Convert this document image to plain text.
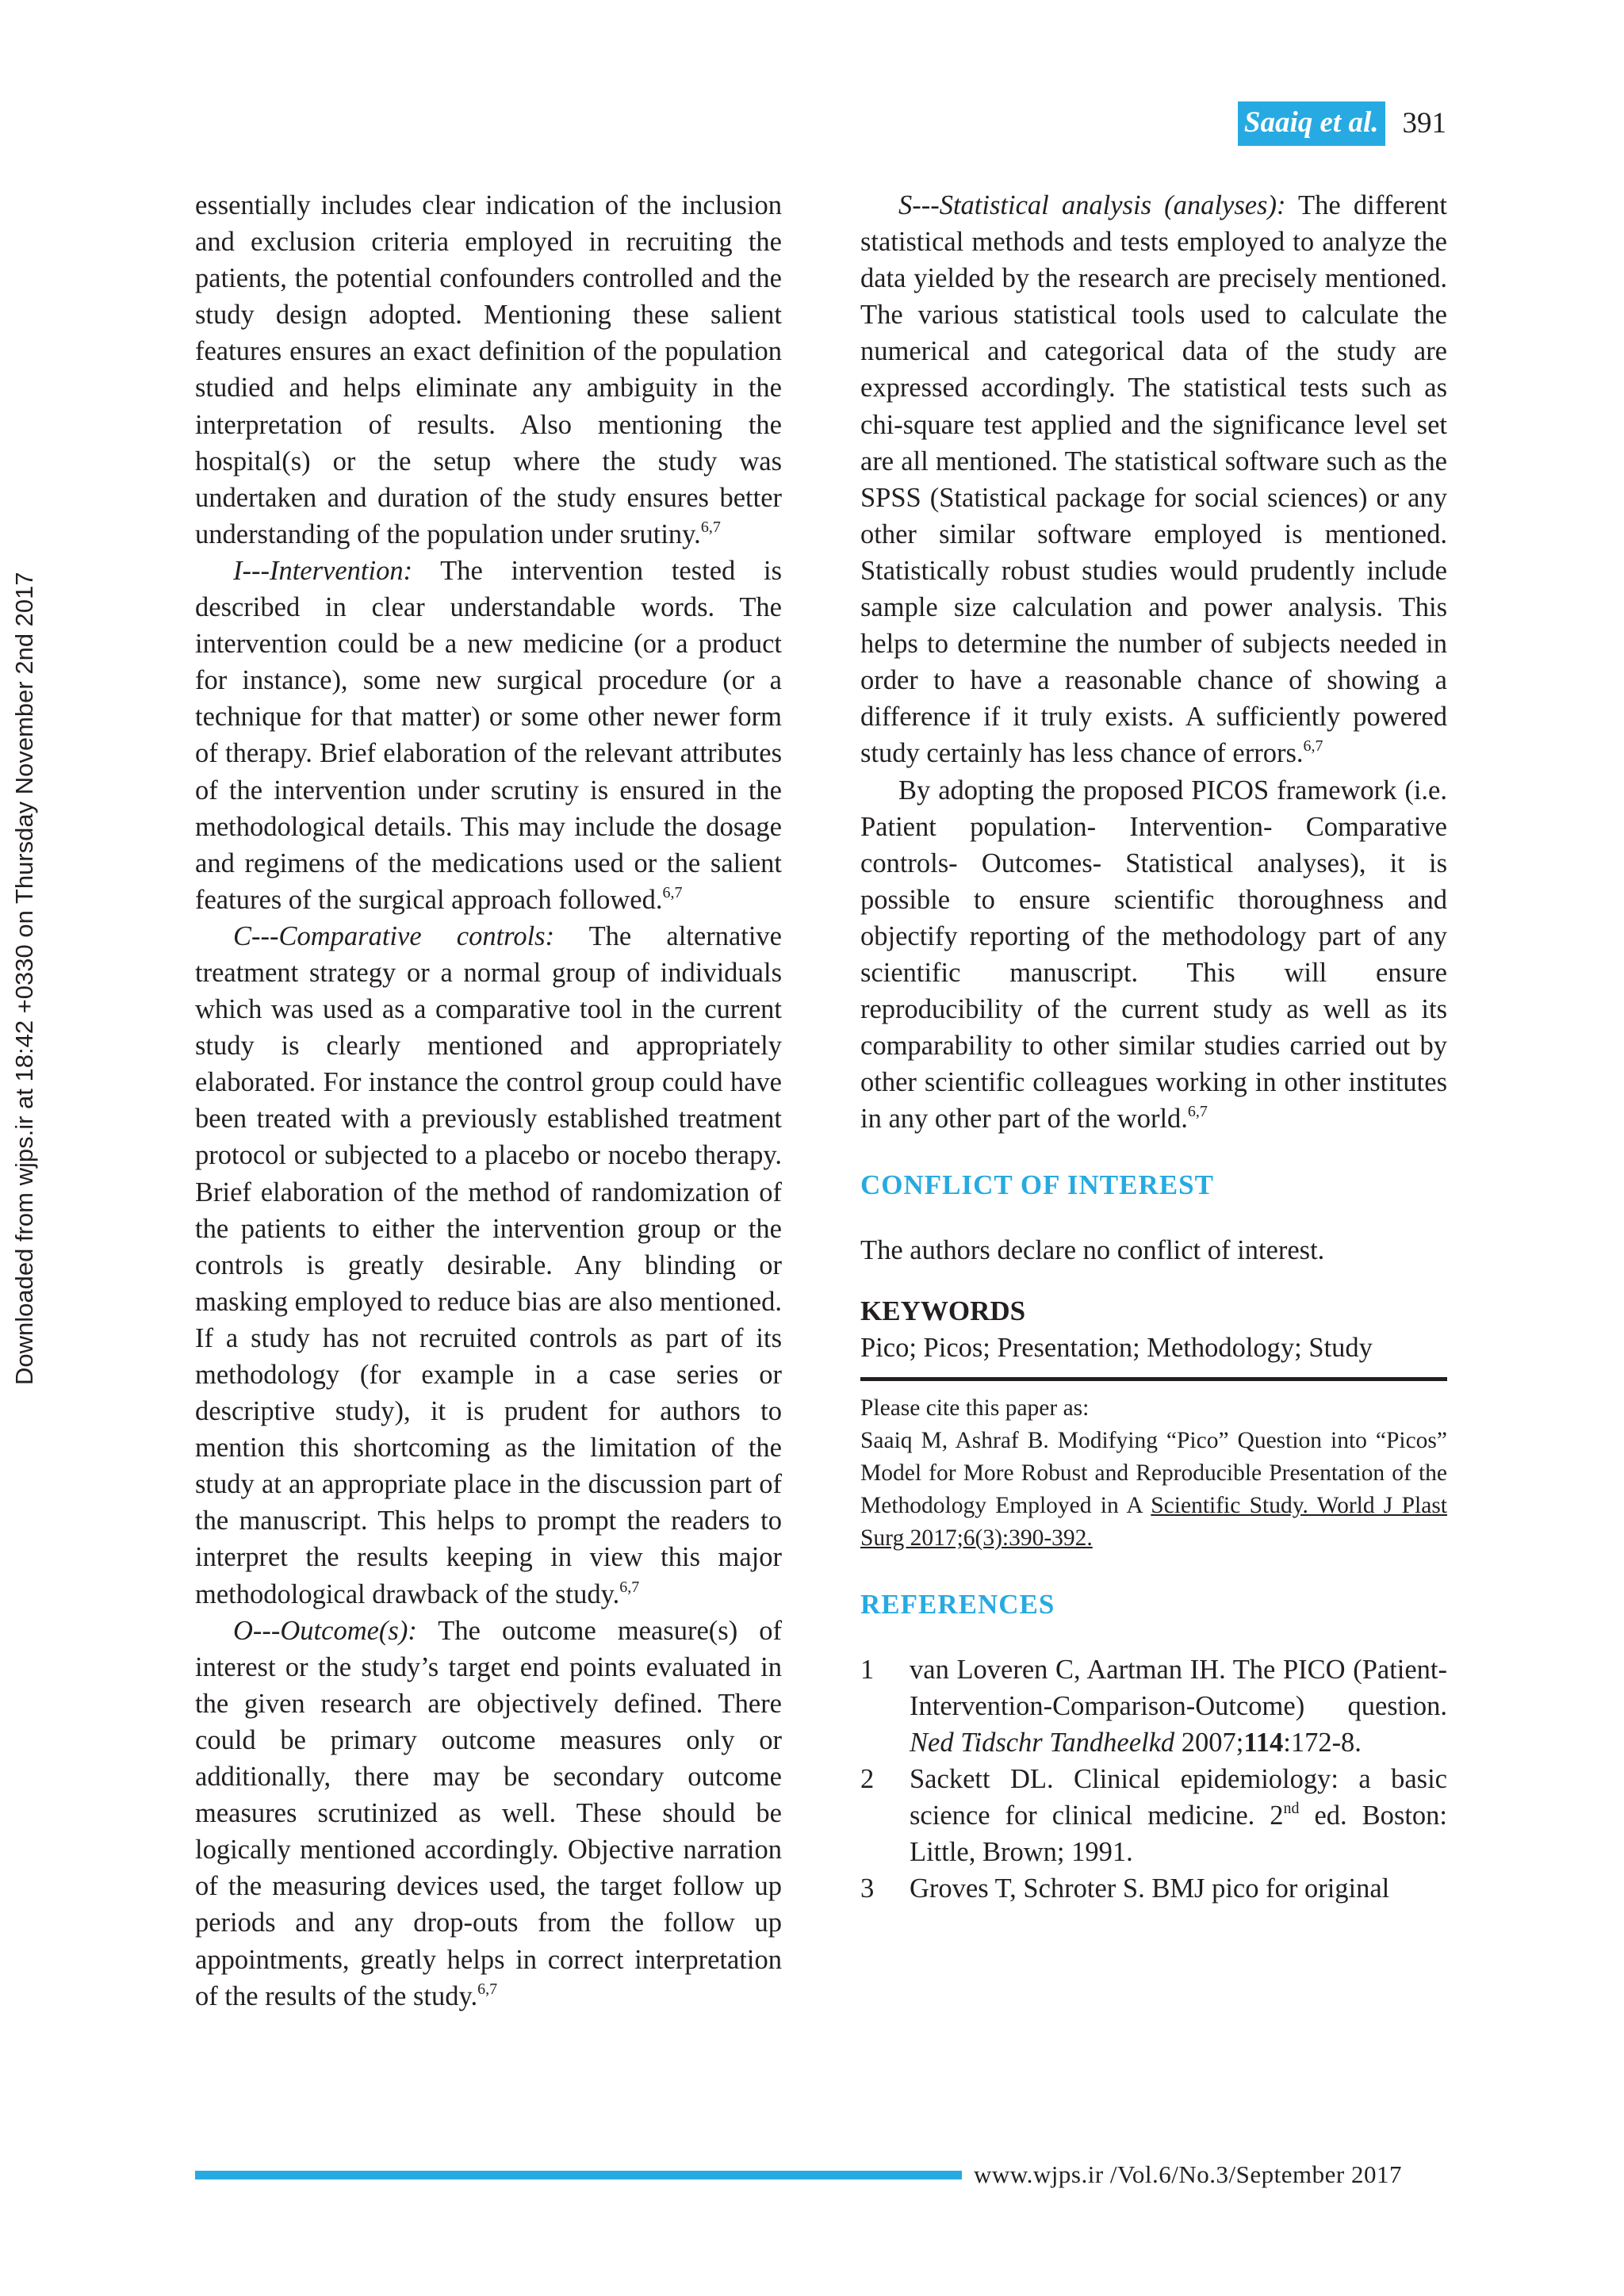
Downloaded from wjps.ir at 18:42 +0330 on Thursday November 2nd 2017
Saaiq et al. 391

essentially includes clear indication of the inclusion and exclusion criteria employed in recruiting the patients, the potential confounders controlled and the study design adopted. Mentioning these salient features ensures an exact definition of the population studied and helps eliminate any ambiguity in the interpretation of results. Also mentioning the hospital(s) or the setup where the study was undertaken and duration of the study ensures better understanding of the population under srutiny.$^{6,7}$

I---Intervention: The intervention tested is described in clear understandable words. The intervention could be a new medicine (or a product for instance), some new surgical procedure (or a technique for that matter) or some other newer form of therapy. Brief elaboration of the relevant attributes of the intervention under scrutiny is ensured in the methodological details. This may include the dosage and regimens of the medications used or the salient features of the surgical approach followed.$^{6,7}$

C---Comparative controls: The alternative treatment strategy or a normal group of individuals which was used as a comparative tool in the current study is clearly mentioned and appropriately elaborated. For instance the control group could have been treated with a previously established treatment protocol or subjected to a placebo or nocebo therapy. Brief elaboration of the method of randomization of the patients to either the intervention group or the controls is greatly desirable. Any blinding or masking employed to reduce bias are also mentioned. If a study has not recruited controls as part of its methodology (for example in a case series or descriptive study), it is prudent for authors to mention this shortcoming as the limitation of the study at an appropriate place in the discussion part of the manuscript. This helps to prompt the readers to interpret the results keeping in view this major methodological drawback of the study.$^{6,7}$

O---Outcome(s): The outcome measure(s) of interest or the study’s target end points evaluated in the given research are objectively defined. There could be primary outcome measures only or additionally, there may be secondary outcome measures scrutinized as well. These should be logically mentioned accordingly. Objective narration of the measuring devices used, the target follow up periods and any drop-outs from the follow up appointments, greatly helps in correct interpretation of the results of the study.$^{6,7}$

S---Statistical analysis (analyses): The different statistical methods and tests employed to analyze the data yielded by the research are precisely mentioned. The various statistical tools used to calculate the numerical and categorical data of the study are expressed accordingly. The statistical tests such as chi-square test applied and the significance level set are all mentioned. The statistical software such as the SPSS (Statistical package for social sciences) or any other similar software employed is mentioned. Statistically robust studies would prudently include sample size calculation and power analysis. This helps to determine the number of subjects needed in order to have a reasonable chance of showing a difference if it truly exists. A sufficiently powered study certainly has less chance of errors.$^{6,7}$

By adopting the proposed PICOS framework (i.e. Patient population- Intervention- Comparative controls- Outcomes- Statistical analyses), it is possible to ensure scientific thoroughness and objectify reporting of the methodology part of any scientific manuscript. This will ensure reproducibility of the current study as well as its comparability to other similar studies carried out by other scientific colleagues working in other institutes in any other part of the world.$^{6,7}$

CONFLICT OF INTEREST

The authors declare no conflict of interest.

KEYWORDS

Pico; Picos; Presentation; Methodology; Study

Please cite this paper as:
Saaiq M, Ashraf B. Modifying “Pico” Question into “Picos” Model for More Robust and Reproducible Presentation of the Methodology Employed in A Scientific Study. World J Plast Surg 2017;6(3):390-392.
REFERENCES
1	van Loveren C, Aartman IH. The PICO (Patient-Intervention-Comparison-Outcome) question. Ned Tidschr Tandheelkd 2007;114:172-8.
2	Sackett DL. Clinical epidemiology: a basic science for clinical medicine. 2nd ed. Boston: Little, Brown; 1991.
3	Groves T, Schroter S. BMJ pico for original
www.wjps.ir /Vol.6/No.3/September 2017
